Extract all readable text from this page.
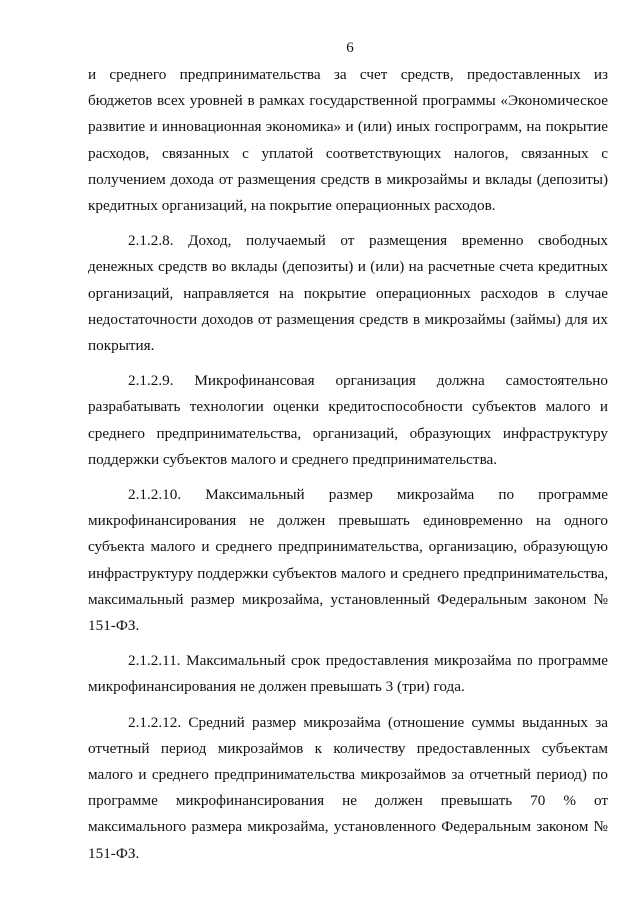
6

и среднего предпринимательства за счет средств, предоставленных из бюджетов всех уровней в рамках государственной программы «Экономическое развитие и инновационная экономика» и (или) иных госпрограмм, на покрытие расходов, связанных с уплатой соответствующих налогов, связанных с получением дохода от размещения средств в микрозаймы и вклады (депозиты) кредитных организаций, на покрытие операционных расходов.

2.1.2.8. Доход, получаемый от размещения временно свободных денежных средств во вклады (депозиты) и (или) на расчетные счета кредитных организаций, направляется на покрытие операционных расходов в случае недостаточности доходов от размещения средств в микрозаймы (займы) для их покрытия.

2.1.2.9. Микрофинансовая организация должна самостоятельно разрабатывать технологии оценки кредитоспособности субъектов малого и среднего предпринимательства, организаций, образующих инфраструктуру поддержки субъектов малого и среднего предпринимательства.

2.1.2.10. Максимальный размер микрозайма по программе микрофинансирования не должен превышать единовременно на одного субъекта малого и среднего предпринимательства, организацию, образующую инфраструктуру поддержки субъектов малого и среднего предпринимательства, максимальный размер микрозайма, установленный Федеральным законом № 151-ФЗ.

2.1.2.11. Максимальный срок предоставления микрозайма по программе микрофинансирования не должен превышать 3 (три) года.

2.1.2.12. Средний размер микрозайма (отношение суммы выданных за отчетный период микрозаймов к количеству предоставленных субъектам малого и среднего предпринимательства микрозаймов за отчетный период) по программе микрофинансирования не должен превышать 70 % от максимального размера микрозайма, установленного Федеральным законом № 151-ФЗ.
